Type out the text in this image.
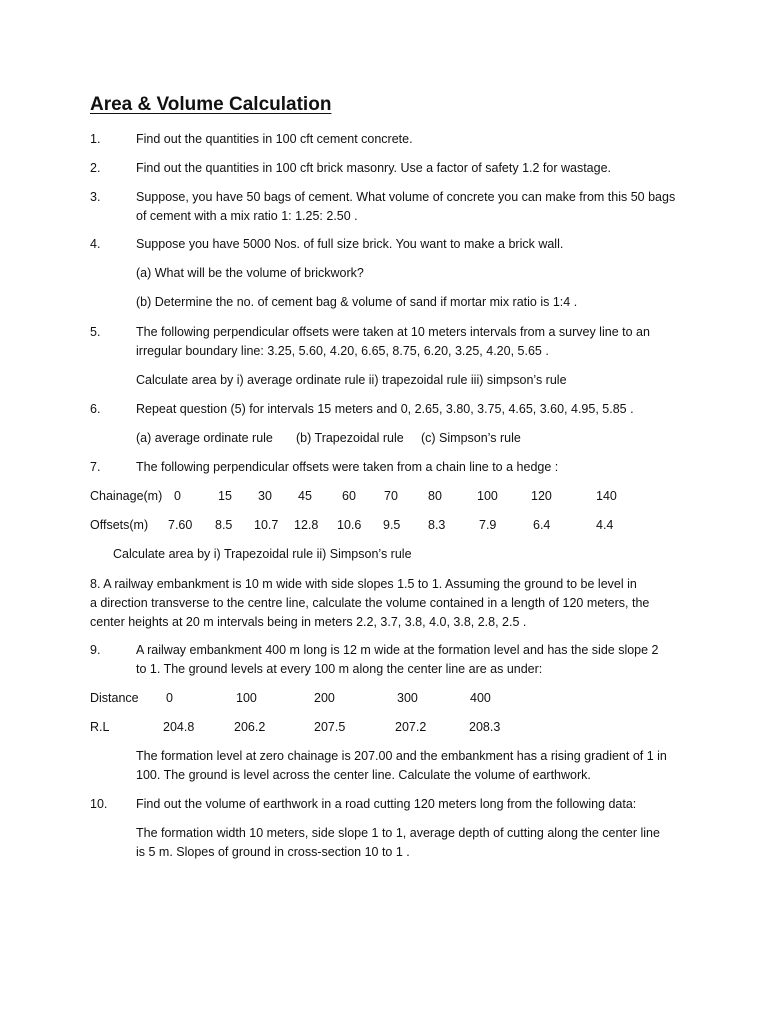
Area & Volume Calculation
1.	Find out the quantities in 100 cft cement concrete.
2.	Find out the quantities in 100 cft brick masonry. Use a factor of safety 1.2 for wastage.
3.	Suppose, you have 50 bags of cement. What volume of concrete you can make from this 50 bags
of cement with a mix ratio 1: 1.25: 2.50 .
4.	Suppose you have 5000 Nos. of full size brick. You want to make a brick wall.
(a) What will be the volume of brickwork?
(b) Determine the no. of cement bag & volume of sand if mortar mix ratio is 1:4 .
5.	The following perpendicular offsets were taken at 10 meters intervals from a survey line to an
irregular boundary line: 3.25, 5.60, 4.20, 6.65, 8.75, 6.20, 3.25, 4.20, 5.65 .
Calculate area by i) average ordinate rule ii) trapezoidal rule iii) simpson’s rule
6.	Repeat question (5) for intervals 15 meters and 0, 2.65, 3.80, 3.75, 4.65, 3.60, 4.95, 5.85 .
(a) average ordinate rule (b) Trapezoidal rule (c) Simpson’s rule
7.	The following perpendicular offsets were taken from a chain line to a hedge :
Chainage(m) 0	15 30 45 60 70 80	100	120	140
Offsets(m) 7.60 8.5 10.7 12.8 10.6 9.5 8.3	7.9	6.4	4.4
Calculate area by i) Trapezoidal rule ii) Simpson’s rule
8. A railway embankment is 10 m wide with side slopes 1.5 to 1. Assuming the ground to be level in
a direction transverse to the centre line, calculate the volume contained in a length of 120 meters, the
center heights at 20 m intervals being in meters 2.2, 3.7, 3.8, 4.0, 3.8, 2.8, 2.5 .
9.	A railway embankment 400 m long is 12 m wide at the formation level and has the side slope 2
to 1. The ground levels at every 100 m along the center line are as under:
Distance 0	100	200	300	400
R.L	204.8	206.2	207.5	207.2	208.3
The formation level at zero chainage is 207.00 and the embankment has a rising gradient of 1 in
100. The ground is level across the center line. Calculate the volume of earthwork.
10. Find out the volume of earthwork in a road cutting 120 meters long from the following data:
The formation width 10 meters, side slope 1 to 1, average depth of cutting along the center line
is 5 m. Slopes of ground in cross-section 10 to 1 .
